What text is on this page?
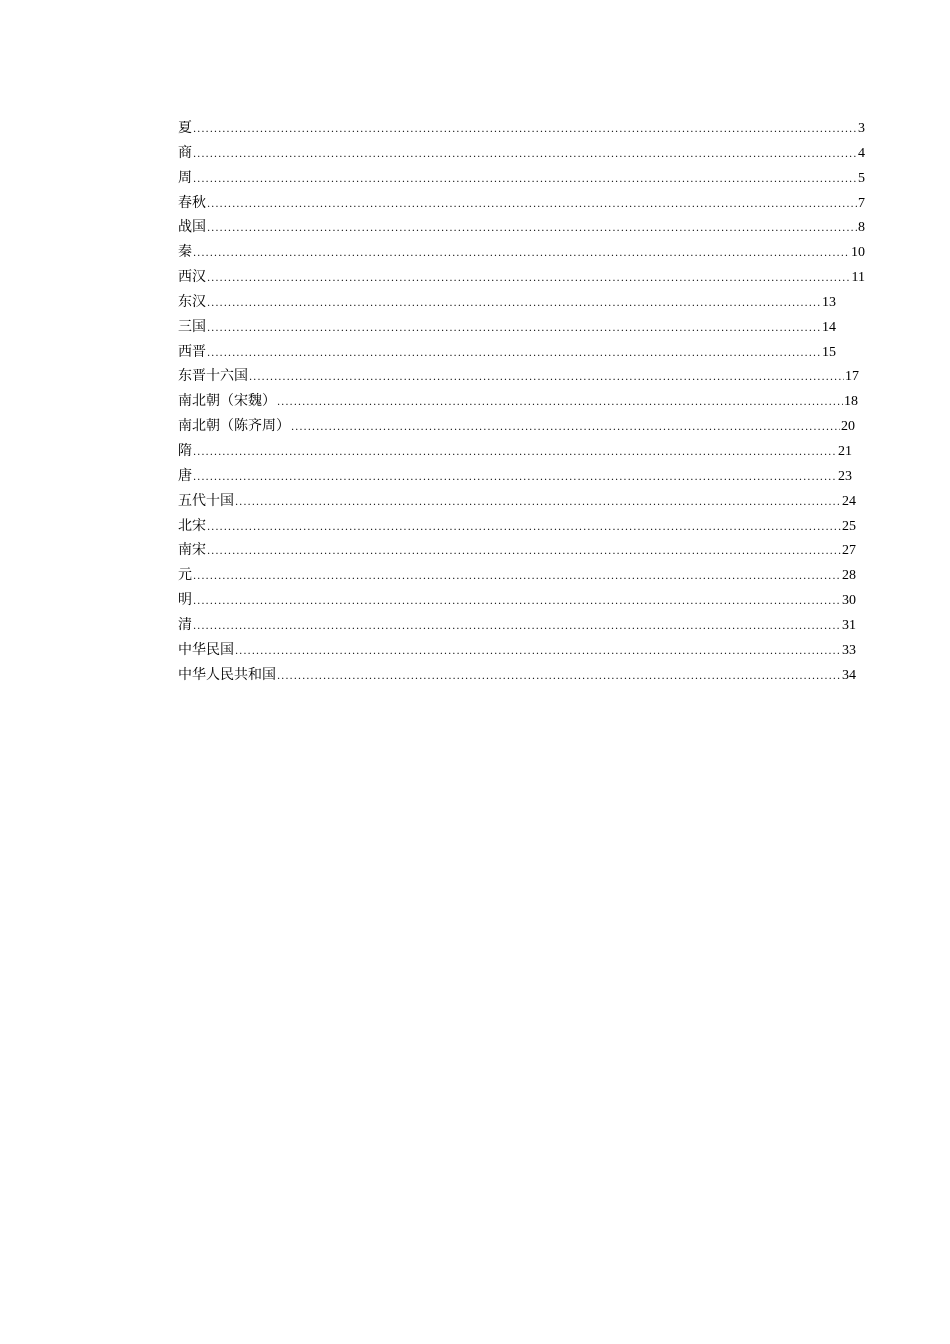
夏 .....	3
商 .....	4
周 .....	5
春秋 .....	7
战国 .....	8
秦 .....	10
西汉 .....	11
东汉 .....	13
三国 .....	14
西晋 .....	15
东晋十六国 .....	17
南北朝（宋魏） .....	18
南北朝（陈齐周） .....	20
隋 .....	21
唐 .....	23
五代十国 .....	24
北宋 .....	25
南宋 .....	27
元 .....	28
明 .....	30
清 .....	31
中华民国 .....	33
中华人民共和国 .....	34
